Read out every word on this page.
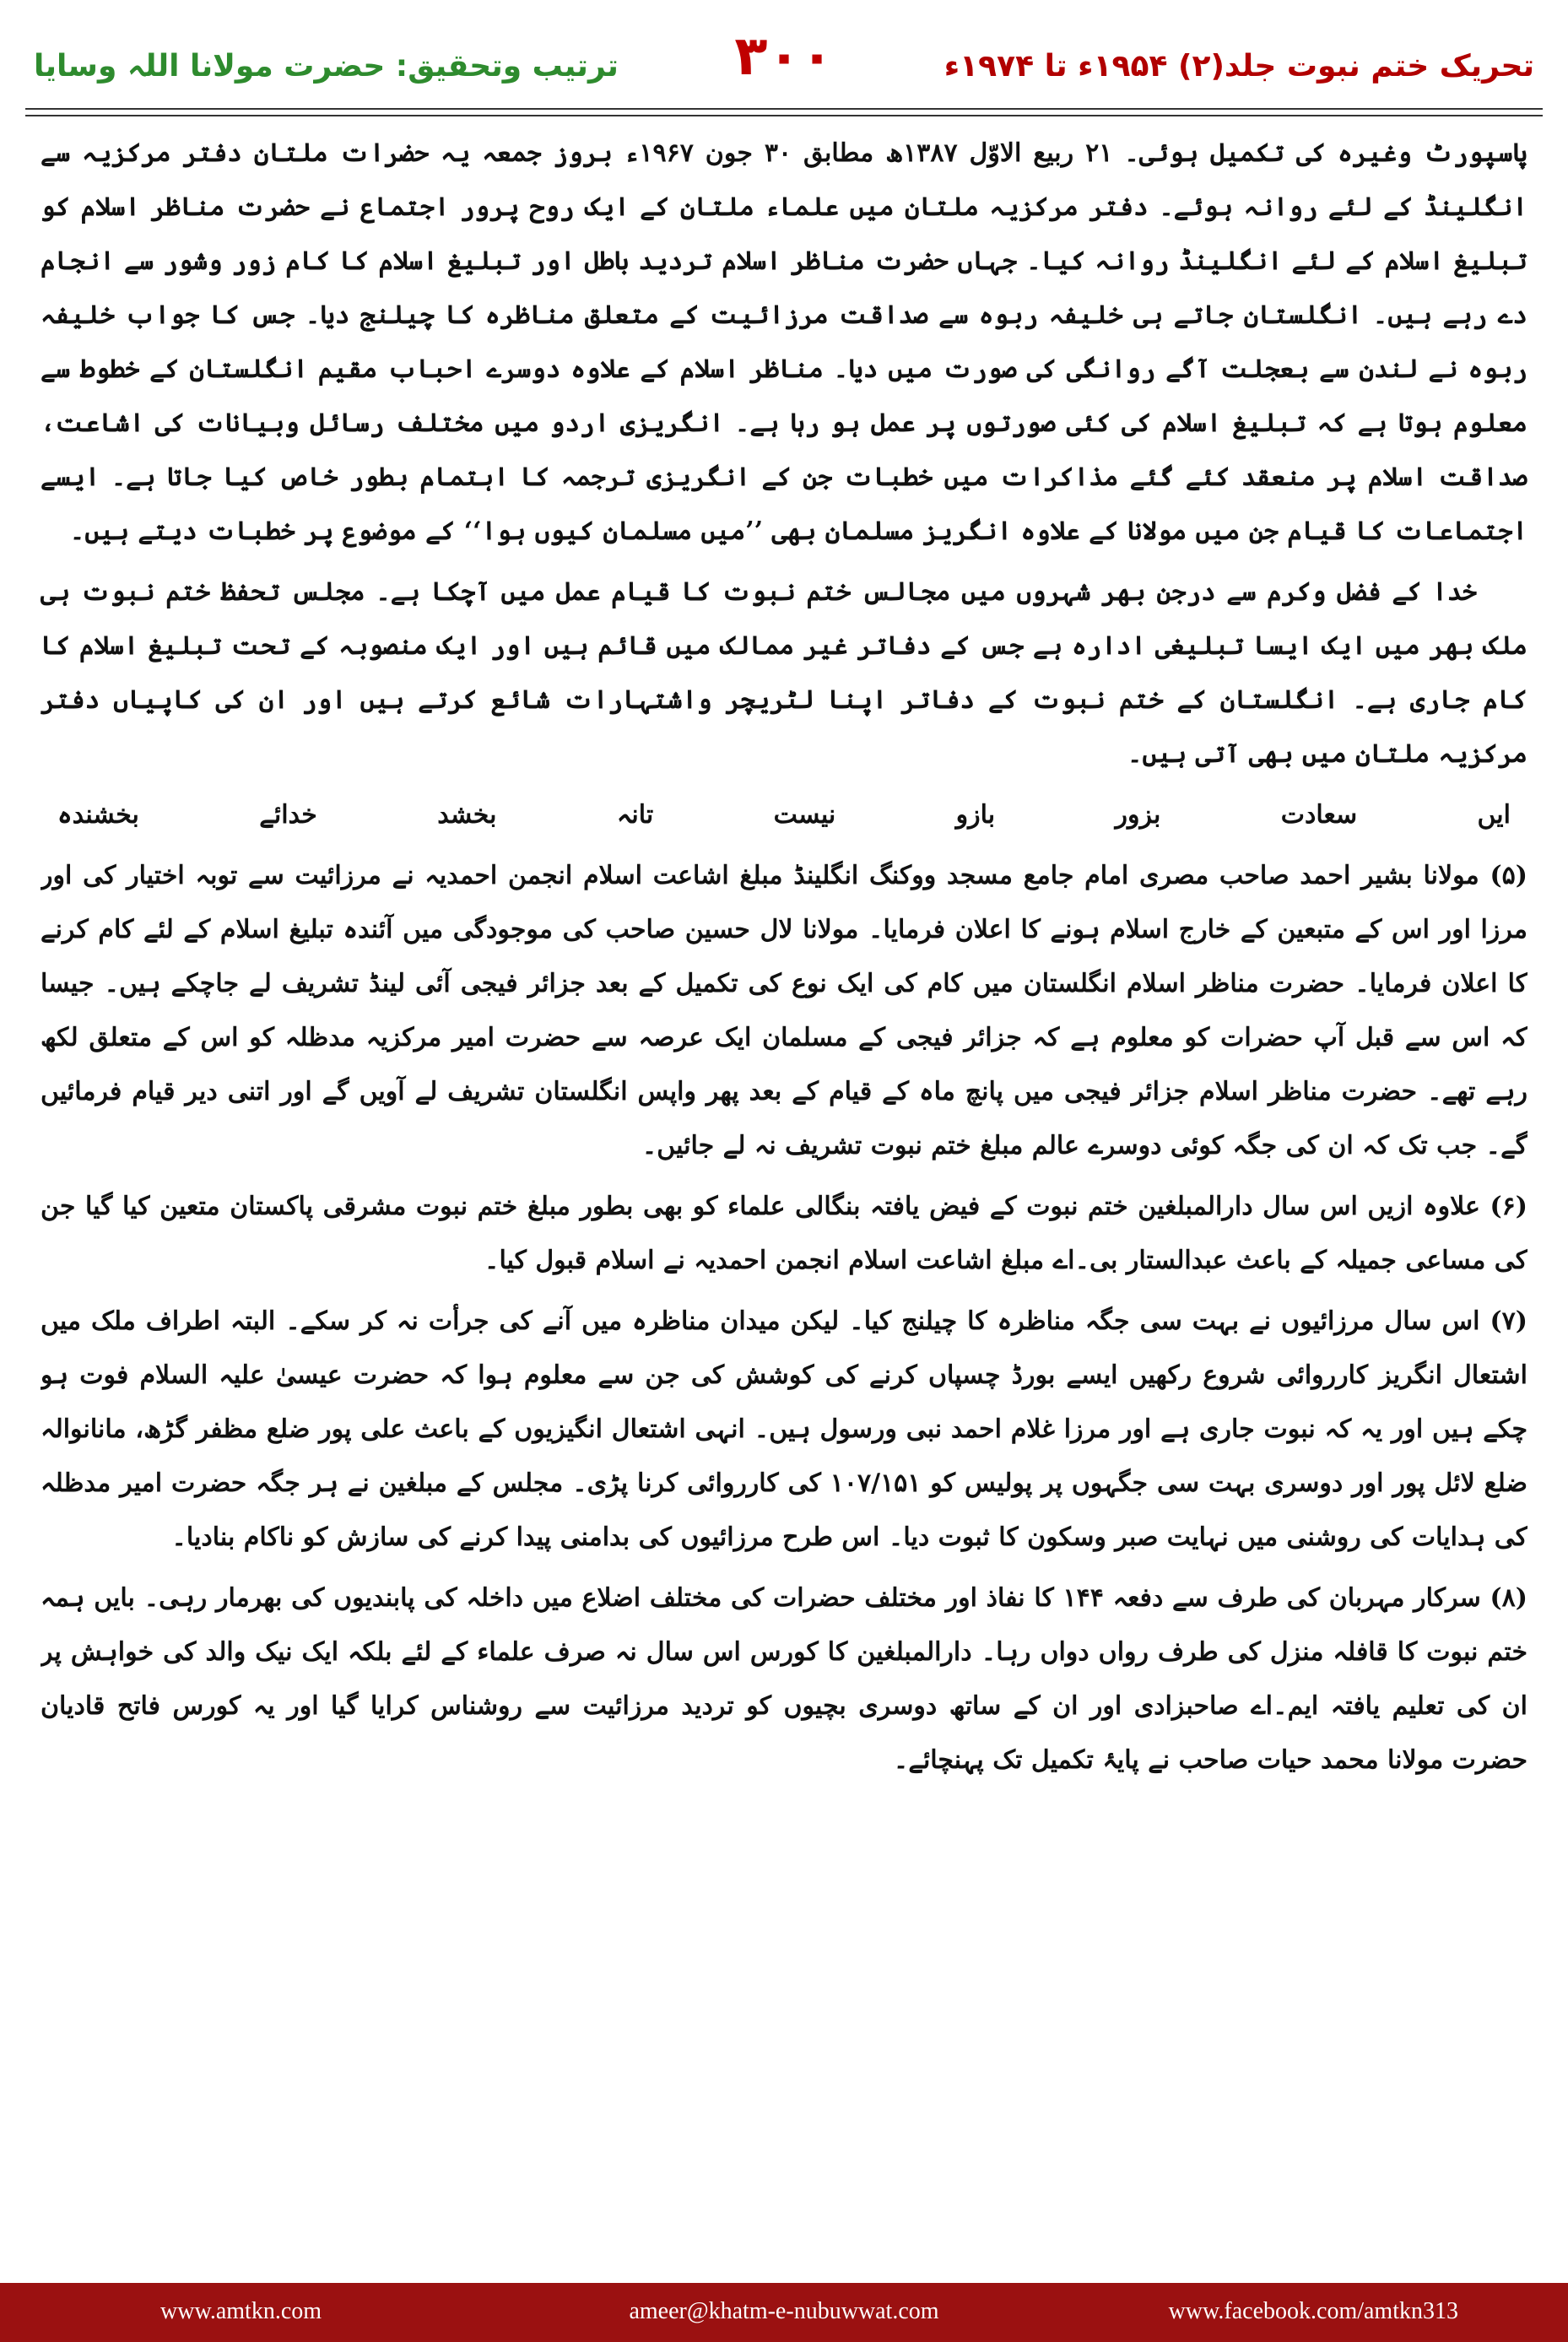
ترتیب وتحقیق: حضرت مولانا اللہ وسایا	۳۰۰	تحریک ختم نبوت جلد(۲) ۱۹۵۴ء تا ۱۹۷۴ء

پاسپورٹ وغیرہ کی تکمیل ہوئی۔ ۲۱ ربیع الاوّل ۱۳۸۷ھ مطابق ۳۰ جون ۱۹۶۷ء بروز جمعہ یہ حضرات ملتان دفتر مرکزیہ سے انگلینڈ کے لئے روانہ ہوئے۔ دفتر مرکزیہ ملتان میں علماء ملتان کے ایک روح پرور اجتماع نے حضرت مناظر اسلام کو تبلیغ اسلام کے لئے انگلینڈ روانہ کیا۔ جہاں حضرت مناظر اسلام تردید باطل اور تبلیغ اسلام کا کام زور وشور سے انجام دے رہے ہیں۔ انگلستان جاتے ہی خلیفہ ربوہ سے صداقت مرزائیت کے متعلق مناظرہ کا چیلنج دیا۔ جس کا جواب خلیفہ ربوہ نے لندن سے بعجلت آگے روانگی کی صورت میں دیا۔ مناظر اسلام کے علاوہ دوسرے احباب مقیم انگلستان کے خطوط سے معلوم ہوتا ہے کہ تبلیغ اسلام کی کئی صورتوں پر عمل ہو رہا ہے۔ انگریزی اردو میں مختلف رسائل وبیانات کی اشاعت، صداقت اسلام پر منعقد کئے گئے مذاکرات میں خطبات جن کے انگریزی ترجمہ کا اہتمام بطور خاص کیا جاتا ہے۔ ایسے اجتماعات کا قیام جن میں مولانا کے علاوہ انگریز مسلمان بھی ’’میں مسلمان کیوں ہوا‘‘ کے موضوع پر خطبات دیتے ہیں۔

خدا کے فضل وکرم سے درجن بھر شہروں میں مجالس ختم نبوت کا قیام عمل میں آچکا ہے۔ مجلس تحفظ ختم نبوت ہی ملک بھر میں ایک ایسا تبلیغی ادارہ ہے جس کے دفاتر غیر ممالک میں قائم ہیں اور ایک منصوبہ کے تحت تبلیغ اسلام کا کام جاری ہے۔ انگلستان کے ختم نبوت کے دفاتر اپنا لٹریچر واشتہارات شائع کرتے ہیں اور ان کی کاپیاں دفتر مرکزیہ ملتان میں بھی آتی ہیں۔

ایں
سعادت
بزور
بازو
نیست
تانہ
بخشد
خدائے
بخشندہ

(۵) مولانا بشیر احمد صاحب مصری امام جامع مسجد ووکنگ انگلینڈ مبلغ اشاعت اسلام انجمن احمدیہ نے مرزائیت سے توبہ اختیار کی اور مرزا اور اس کے متبعین کے خارج اسلام ہونے کا اعلان فرمایا۔ مولانا لال حسین صاحب کی موجودگی میں آئندہ تبلیغ اسلام کے لئے کام کرنے کا اعلان فرمایا۔ حضرت مناظر اسلام انگلستان میں کام کی ایک نوع کی تکمیل کے بعد جزائر فیجی آئی لینڈ تشریف لے جاچکے ہیں۔ جیسا کہ اس سے قبل آپ حضرات کو معلوم ہے کہ جزائر فیجی کے مسلمان ایک عرصہ سے حضرت امیر مرکزیہ مدظلہ کو اس کے متعلق لکھ رہے تھے۔ حضرت مناظر اسلام جزائر فیجی میں پانچ ماہ کے قیام کے بعد پھر واپس انگلستان تشریف لے آویں گے اور اتنی دیر قیام فرمائیں گے۔ جب تک کہ ان کی جگہ کوئی دوسرے عالم مبلغ ختم نبوت تشریف نہ لے جائیں۔

(۶) علاوہ ازیں اس سال دارالمبلغین ختم نبوت کے فیض یافتہ بنگالی علماء کو بھی بطور مبلغ ختم نبوت مشرقی پاکستان متعین کیا گیا جن کی مساعی جمیلہ کے باعث عبدالستار بی۔اے مبلغ اشاعت اسلام انجمن احمدیہ نے اسلام قبول کیا۔

(۷) اس سال مرزائیوں نے بہت سی جگہ مناظرہ کا چیلنج کیا۔ لیکن میدان مناظرہ میں آنے کی جرأت نہ کر سکے۔ البتہ اطراف ملک میں اشتعال انگریز کارروائی شروع رکھیں ایسے بورڈ چسپاں کرنے کی کوشش کی جن سے معلوم ہوا کہ حضرت عیسیٰ علیہ السلام فوت ہو چکے ہیں اور یہ کہ نبوت جاری ہے اور مرزا غلام احمد نبی ورسول ہیں۔ انہی اشتعال انگیزیوں کے باعث علی پور ضلع مظفر گڑھ، مانانوالہ ضلع لائل پور اور دوسری بہت سی جگہوں پر پولیس کو ۱۰۷/۱۵۱ کی کارروائی کرنا پڑی۔ مجلس کے مبلغین نے ہر جگہ حضرت امیر مدظلہ کی ہدایات کی روشنی میں نہایت صبر وسکون کا ثبوت دیا۔ اس طرح مرزائیوں کی بدامنی پیدا کرنے کی سازش کو ناکام بنادیا۔

(۸) سرکار مہربان کی طرف سے دفعہ ۱۴۴ کا نفاذ اور مختلف حضرات کی مختلف اضلاع میں داخلہ کی پابندیوں کی بھرمار رہی۔ بایں ہمہ ختم نبوت کا قافلہ منزل کی طرف رواں دواں رہا۔ دارالمبلغین کا کورس اس سال نہ صرف علماء کے لئے بلکہ ایک نیک والد کی خواہش پر ان کی تعلیم یافتہ ایم۔اے صاحبزادی اور ان کے ساتھ دوسری بچیوں کو تردید مرزائیت سے روشناس کرایا گیا اور یہ کورس فاتح قادیان حضرت مولانا محمد حیات صاحب نے پایۂ تکمیل تک پہنچائے۔

www.amtkn.com	ameer@khatm-e-nubuwwat.com	www.facebook.com/amtkn313
